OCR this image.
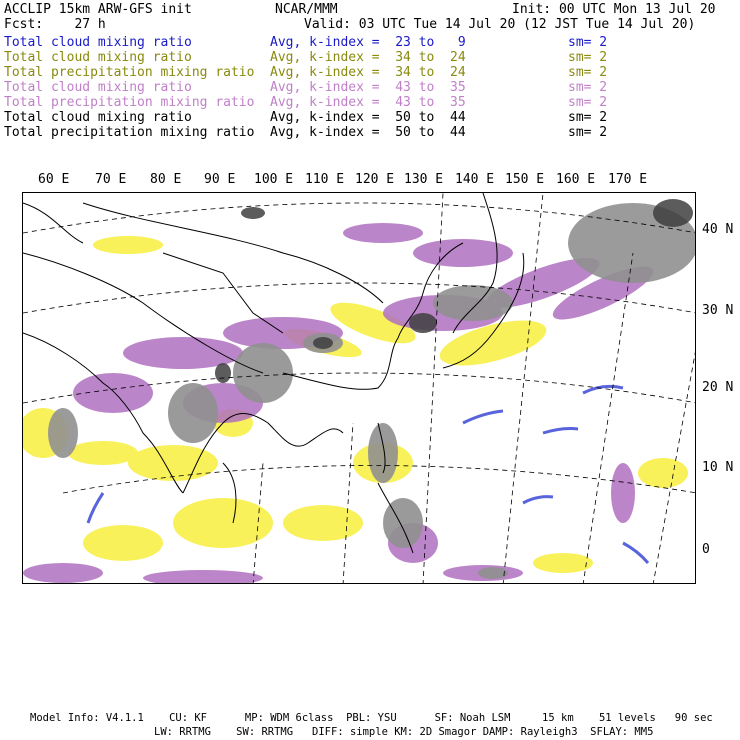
ACCLIP 15km ARW-GFS init	NCAR/MMM	Init: 00 UTC Mon 13 Jul 20
Fcst:    27 h	Valid: 03 UTC Tue 14 Jul 20 (12 JST Tue 14 Jul 20)
Total cloud mixing ratio	Avg, k-index =  23 to   9	sm= 2
Total cloud mixing ratio	Avg, k-index =  34 to  24	sm= 2
Total precipitation mixing ratio Avg, k-index =  34 to  24	sm= 2
Total cloud mixing ratio	Avg, k-index =  43 to  35	sm= 2
Total precipitation mixing ratio Avg, k-index =  43 to  35	sm= 2
Total cloud mixing ratio	Avg, k-index =  50 to  44	sm= 2
Total precipitation mixing ratio Avg, k-index =  50 to  44	sm= 2
60 E 70 E 80 E 90 E 100 E 110 E 120 E 130 E 140 E 150 E 160 E 170 E
40 N
30 N
20 N
10 N
0
Model Info: V4.1.1    CU: KF      MP: WDM 6class  PBL: YSU      SF: Noah LSM     15 km    51 levels   90 sec
LW: RRTMG    SW: RRTMG   DIFF: simple KM: 2D Smagor DAMP: Rayleigh3  SFLAY: MM5
